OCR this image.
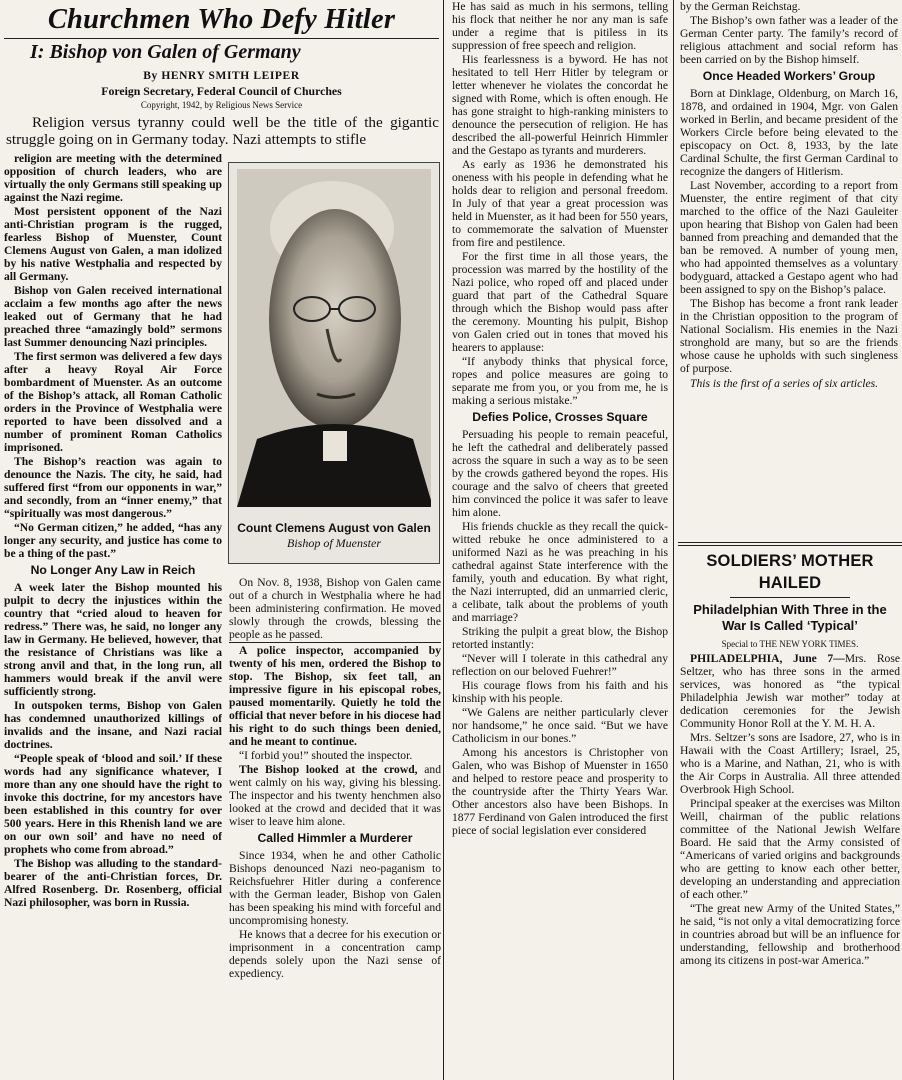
Churchmen Who Defy Hitler
I: Bishop von Galen of Germany
By HENRY SMITH LEIPER
Foreign Secretary, Federal Council of Churches
Copyright, 1942, by Religious News Service
Religion versus tyranny could well be the title of the gigantic struggle going on in Germany today. Nazi attempts to stifle

religion are meeting with the determined opposition of church leaders, who are virtually the only Germans still speaking up against the Nazi regime.

Most persistent opponent of the Nazi anti-Christian program is the rugged, fearless Bishop of Muenster, Count Clemens August von Galen, a man idolized by his native Westphalia and respected by all Germany.

Bishop von Galen received international acclaim a few months ago after the news leaked out of Germany that he had preached three “amazingly bold” sermons last Summer denouncing Nazi principles.

The first sermon was delivered a few days after a heavy Royal Air Force bombardment of Muenster. As an outcome of the Bishop’s attack, all Roman Catholic orders in the Province of Westphalia were reported to have been dissolved and a number of prominent Roman Catholics imprisoned.

The Bishop’s reaction was again to denounce the Nazis. The city, he said, had suffered first “from our opponents in war,” and secondly, from an “inner enemy,” that “spiritually was most dangerous.”

“No German citizen,” he added, “has any longer any security, and justice has come to be a thing of the past.”

No Longer Any Law in Reich

A week later the Bishop mounted his pulpit to decry the injustices within the country that “cried aloud to heaven for redress.” There was, he said, no longer any law in Germany. He believed, however, that the resistance of Christians was like a strong anvil and that, in the long run, all hammers would break if the anvil were sufficiently strong.

In outspoken terms, Bishop von Galen has condemned unauthorized killings of invalids and the insane, and Nazi racial doctrines.

“People speak of ‘blood and soil.’ If these words had any significance whatever, I more than any one should have the right to invoke this doctrine, for my ancestors have been established in this country for over 500 years. Here in this Rhenish land we are on our own soil’ and have no need of prophets who come from abroad.”

The Bishop was alluding to the standard-bearer of the anti-Christian forces, Dr. Alfred Rosenberg. Dr. Rosenberg, official Nazi philosopher, was born in Russia.

Count Clemens August von Galen
Bishop of Muenster

On Nov. 8, 1938, Bishop von Galen came out of a church in Westphalia where he had been administering confirmation. He moved slowly through the crowds, blessing the people as he passed.

A police inspector, accompanied by twenty of his men, ordered the Bishop to stop. The Bishop, six feet tall, an impressive figure in his episcopal robes, paused momentarily. Quietly he told the official that never before in his diocese had his right to do such things been denied, and he meant to continue.

“I forbid you!” shouted the inspector.

The Bishop looked at the crowd, and went calmly on his way, giving his blessing. The inspector and his twenty henchmen also looked at the crowd and decided that it was wiser to leave him alone.

Called Himmler a Murderer

Since 1934, when he and other Catholic Bishops denounced Nazi neo-paganism to Reichsfuehrer Hitler during a conference with the German leader, Bishop von Galen has been speaking his mind with forceful and uncompromising honesty.

He knows that a decree for his execution or imprisonment in a concentration camp depends solely upon the Nazi sense of expediency.

He has said as much in his sermons, telling his flock that neither he nor any man is safe under a regime that is pitiless in its suppression of free speech and religion.

His fearlessness is a byword. He has not hesitated to tell Herr Hitler by telegram or letter whenever he violates the concordat he signed with Rome, which is often enough. He has gone straight to high-ranking ministers to denounce the persecution of religion. He has described the all-powerful Heinrich Himmler and the Gestapo as tyrants and murderers.

As early as 1936 he demonstrated his oneness with his people in defending what he holds dear to religion and personal freedom. In July of that year a great procession was held in Muenster, as it had been for 550 years, to commemorate the salvation of Muenster from fire and pestilence.

For the first time in all those years, the procession was marred by the hostility of the Nazi police, who roped off and placed under guard that part of the Cathedral Square through which the Bishop would pass after the ceremony. Mounting his pulpit, Bishop von Galen cried out in tones that moved his hearers to applause:

“If anybody thinks that physical force, ropes and police measures are going to separate me from you, or you from me, he is making a serious mistake.”

Defies Police, Crosses Square

Persuading his people to remain peaceful, he left the cathedral and deliberately passed across the square in such a way as to be seen by the crowds gathered beyond the ropes. His courage and the salvo of cheers that greeted him convinced the police it was safer to leave him alone.

His friends chuckle as they recall the quick-witted rebuke he once administered to a uniformed Nazi as he was preaching in his cathedral against State interference with the family, youth and education. By what right, the Nazi interrupted, did an unmarried cleric, a celibate, talk about the problems of youth and marriage?

Striking the pulpit a great blow, the Bishop retorted instantly:

“Never will I tolerate in this cathedral any reflection on our beloved Fuehrer!”

His courage flows from his faith and his kinship with his people.

“We Galens are neither particularly clever nor handsome,” he once said. “But we have Catholicism in our bones.”

Among his ancestors is Christopher von Galen, who was Bishop of Muenster in 1650 and helped to restore peace and prosperity to the countryside after the Thirty Years War. Other ancestors also have been Bishops. In 1877 Ferdinand von Galen introduced the first piece of social legislation ever considered

by the German Reichstag.

The Bishop’s own father was a leader of the German Center party. The family’s record of religious attachment and social reform has been carried on by the Bishop himself.

Once Headed Workers’ Group

Born at Dinklage, Oldenburg, on March 16, 1878, and ordained in 1904, Mgr. von Galen worked in Berlin, and became president of the Workers Circle before being elevated to the episcopacy on Oct. 8, 1933, by the late Cardinal Schulte, the first German Cardinal to recognize the dangers of Hitlerism.

Last November, according to a report from Muenster, the entire regiment of that city marched to the office of the Nazi Gauleiter upon hearing that Bishop von Galen had been banned from preaching and demanded that the ban be removed. A number of young men, who had appointed themselves as a voluntary bodyguard, attacked a Gestapo agent who had been assigned to spy on the Bishop’s palace.

The Bishop has become a front rank leader in the Christian opposition to the program of National Socialism. His enemies in the Nazi stronghold are many, but so are the friends whose cause he upholds with such singleness of purpose.

This is the first of a series of six articles.
SOLDIERS’ MOTHER HAILED
Philadelphian With Three in the War Is Called ‘Typical’
Special to THE NEW YORK TIMES.

PHILADELPHIA, June 7—Mrs. Rose Seltzer, who has three sons in the armed services, was honored as “the typical Philadelphia Jewish war mother” today at dedication ceremonies for the Jewish Community Honor Roll at the Y. M. H. A.

Mrs. Seltzer’s sons are Isadore, 27, who is in Hawaii with the Coast Artillery; Israel, 25, who is a Marine, and Nathan, 21, who is with the Air Corps in Australia. All three attended Overbrook High School.

Principal speaker at the exercises was Milton Weill, chairman of the public relations committee of the National Jewish Welfare Board. He said that the Army consisted of “Americans of varied origins and backgrounds who are getting to know each other better, developing an understanding and appreciation of each other.”

“The great new Army of the United States,” he said, “is not only a vital democratizing force in countries abroad but will be an influence for understanding, fellowship and brotherhood among its citizens in post-war America.”
